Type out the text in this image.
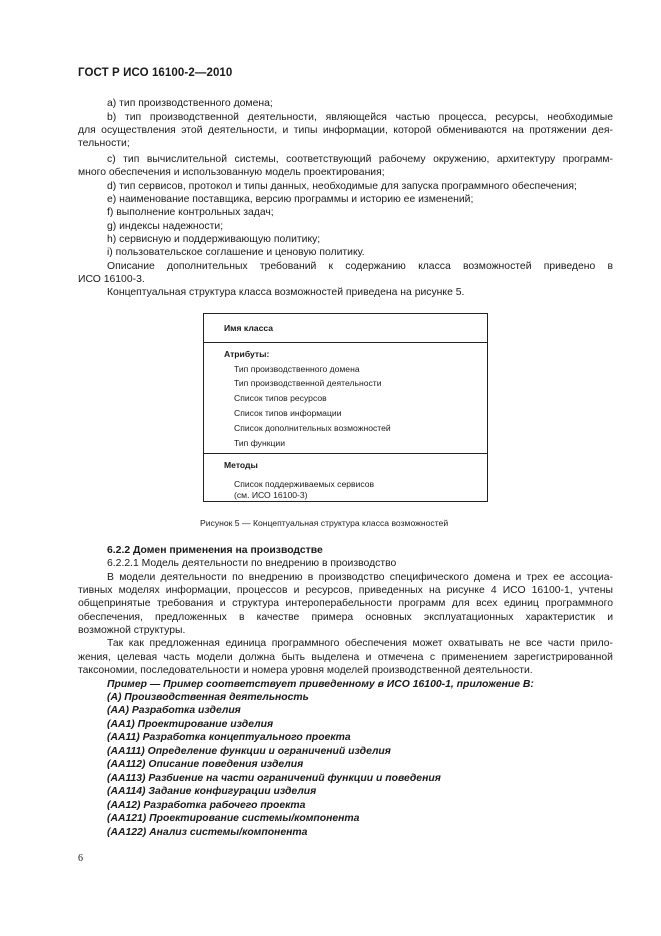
ГОСТ Р ИСО 16100-2—2010
а) тип производственного домена;
b) тип производственной деятельности, являющейся частью процесса, ресурсы, необходимые
для осуществления этой деятельности, и типы информации, которой обмениваются на протяжении дея-
тельности;
с) тип вычислительной системы, соответствующий рабочему окружению, архитектуру программ-
много обеспечения и использованную модель проектирования;
d) тип сервисов, протокол и типы данных, необходимые для запуска программного обеспечения;
е) наименование поставщика, версию программы и историю ее изменений;
f) выполнение контрольных задач;
g) индексы надежности;
h) сервисную и поддерживающую политику;
i) пользовательское соглашение и ценовую политику.
Описание дополнительных требований к содержанию класса возможностей приведено в
ИСО 16100-3.
Концептуальная структура класса возможностей приведена на рисунке 5.
Имя класса
Атрибуты:
Тип производственного домена
Тип производственной деятельности
Список типов ресурсов
Список типов информации
Список дополнительных возможностей
Тип функции
Методы
Список поддерживаемых сервисов
(см. ИСО 16100-3)
Рисунок 5 — Концептуальная структура класса возможностей
6.2.2 Домен применения на производстве
6.2.2.1 Модель деятельности по внедрению в производство
В модели деятельности по внедрению в производство специфического домена и трех ее ассоциа-
тивных моделях информации, процессов и ресурсов, приведенных на рисунке 4 ИСО 16100-1, учтены
общепринятые требования и структура интероперабельности программ для всех единиц программного
обеспечения, предложенных в качестве примера основных эксплуатационных характеристик и
возможной структуры.
Так как предложенная единица программного обеспечения может охватывать не все части прило-
жения, целевая часть модели должна быть выделена и отмечена с применением зарегистрированной
таксономии, последовательности и номера уровня моделей производственной деятельности.
Пример — Пример соответствует приведенному в ИСО 16100-1, приложение В:
(А) Производственная деятельность
(АА) Разработка изделия
(АА1) Проектирование изделия
(АА11) Разработка концептуального проекта
(АА111) Определение функции и ограничений изделия
(АА112) Описание поведения изделия
(АА113) Разбиение на части ограничений функции и поведения
(АА114) Задание конфигурации изделия
(АА12) Разработка рабочего проекта
(АА121) Проектирование системы/компонента
(АА122) Анализ системы/компонента
6
